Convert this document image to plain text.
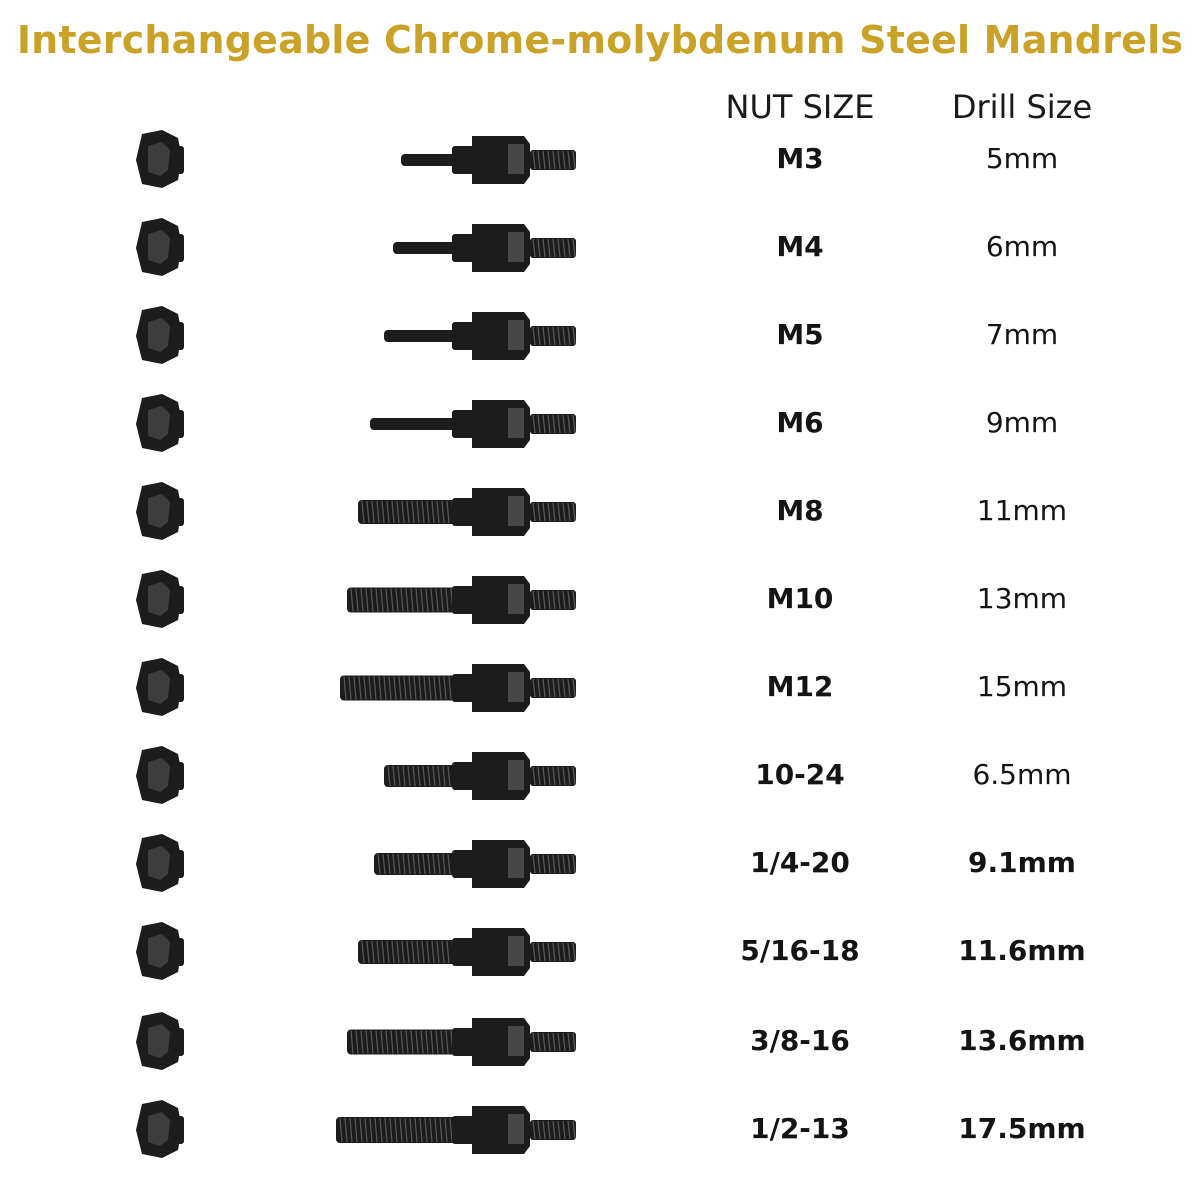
Interchangeable Chrome-molybdenum Steel Mandrels
NUT SIZE	Drill Size
M3	5mm
M4	6mm
M5	7mm
M6	9mm
M8	11mm
M10	13mm
M12	15mm
10-24	6.5mm
1/4-20	9.1mm
5/16-18	11.6mm
3/8-16	13.6mm
1/2-13	17.5mm
